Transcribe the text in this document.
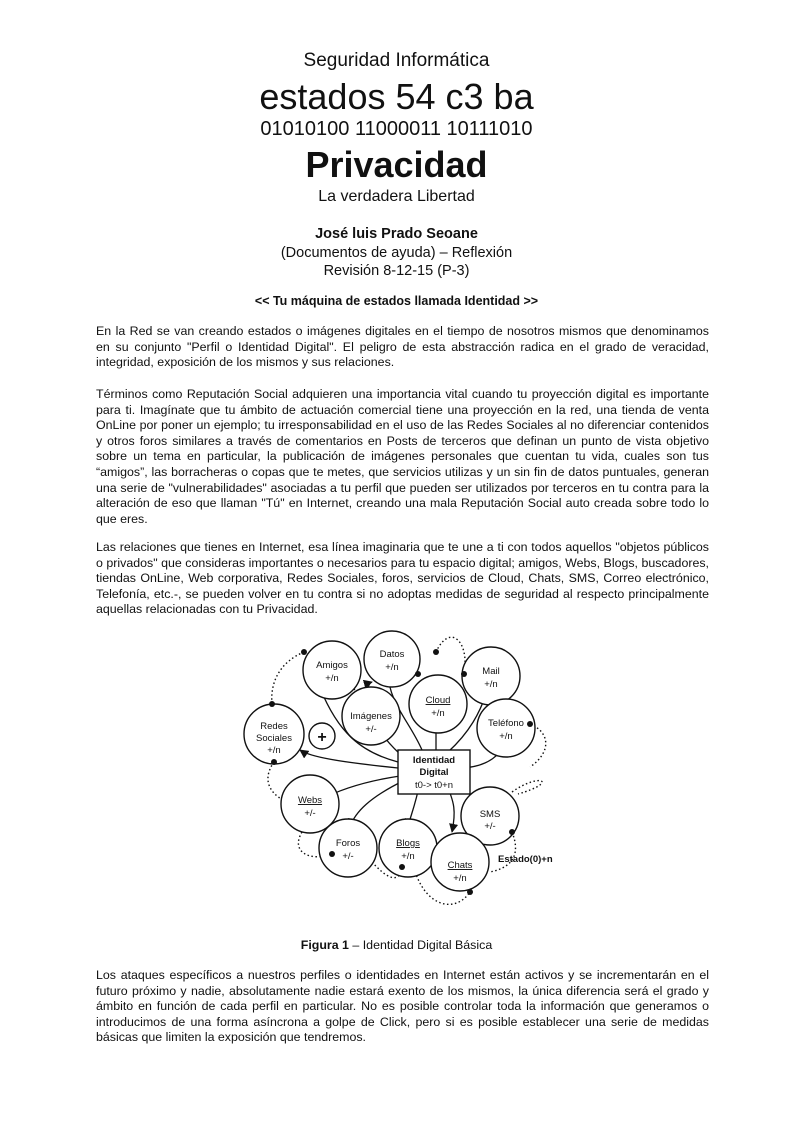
Seguridad Informática
estados 54 c3 ba
01010100 11000011 10111010
Privacidad
La verdadera Libertad
José luis Prado Seoane
(Documentos de ayuda) – Reflexión
Revisión 8-12-15 (P-3)
<< Tu máquina de estados llamada Identidad >>

En la Red se van creando estados o imágenes digitales en el tiempo de nosotros mismos que denominamos en su conjunto "Perfil o Identidad Digital". El peligro de esta abstracción radica en el grado de veracidad, integridad, exposición de los mismos y sus relaciones.

Términos como Reputación Social adquieren una importancia vital cuando tu proyección digital es importante para ti. Imagínate que tu ámbito de actuación comercial tiene una proyección en la red, una tienda de venta OnLine por poner un ejemplo; tu irresponsabilidad en el uso de las Redes Sociales al no diferenciar contenidos y otros foros similares a través de comentarios en Posts de terceros que definan un punto de vista objetivo sobre un tema en particular, la publicación de imágenes personales que cuentan tu vida, cuales son tus “amigos”, las borracheras o copas que te metes, que servicios utilizas y un sin fin de datos puntuales, generan una serie de "vulnerabilidades" asociadas a tu perfil que pueden ser utilizados por terceros en tu contra para la alteración de eso que llaman "Tú" en Internet, creando una mala Reputación Social auto creada sobre todo lo que eres.

Las relaciones que tienes en Internet, esa línea imaginaria que te une a ti con todos aquellos "objetos públicos o privados" que consideras importantes o necesarios para tu espacio digital; amigos, Webs, Blogs, buscadores, tiendas OnLine, Web corporativa, Redes Sociales, foros, servicios de Cloud, Chats, SMS, Correo electrónico, Telefonía, etc.-, se pueden volver en tu contra si no adoptas medidas de seguridad al respecto principalmente aquellas relacionadas con tu Privacidad.

Amigos
+/n
Datos
+/n	Mail
+/n
Cloud
+/n
Imágenes
+/-
Redes
Sociales
+/n
Teléfono
+/n
Webs
+/-	SMS
+/-
Foros
+/-
Blogs
+/n
Chats
+/n
+
Identidad
Digital
t0-> t0+n
Estado(0)+n
Figura 1 – Identidad Digital Básica

Los ataques específicos a nuestros perfiles o identidades en Internet están activos y se incrementarán en el futuro próximo y nadie, absolutamente nadie estará exento de los mismos, la única diferencia será el grado y ámbito en función de cada perfil en particular. No es posible controlar toda la información que generamos o introducimos de una forma asíncrona a golpe de Click, pero si es posible establecer una serie de medidas básicas que limiten la exposición que tendremos.
